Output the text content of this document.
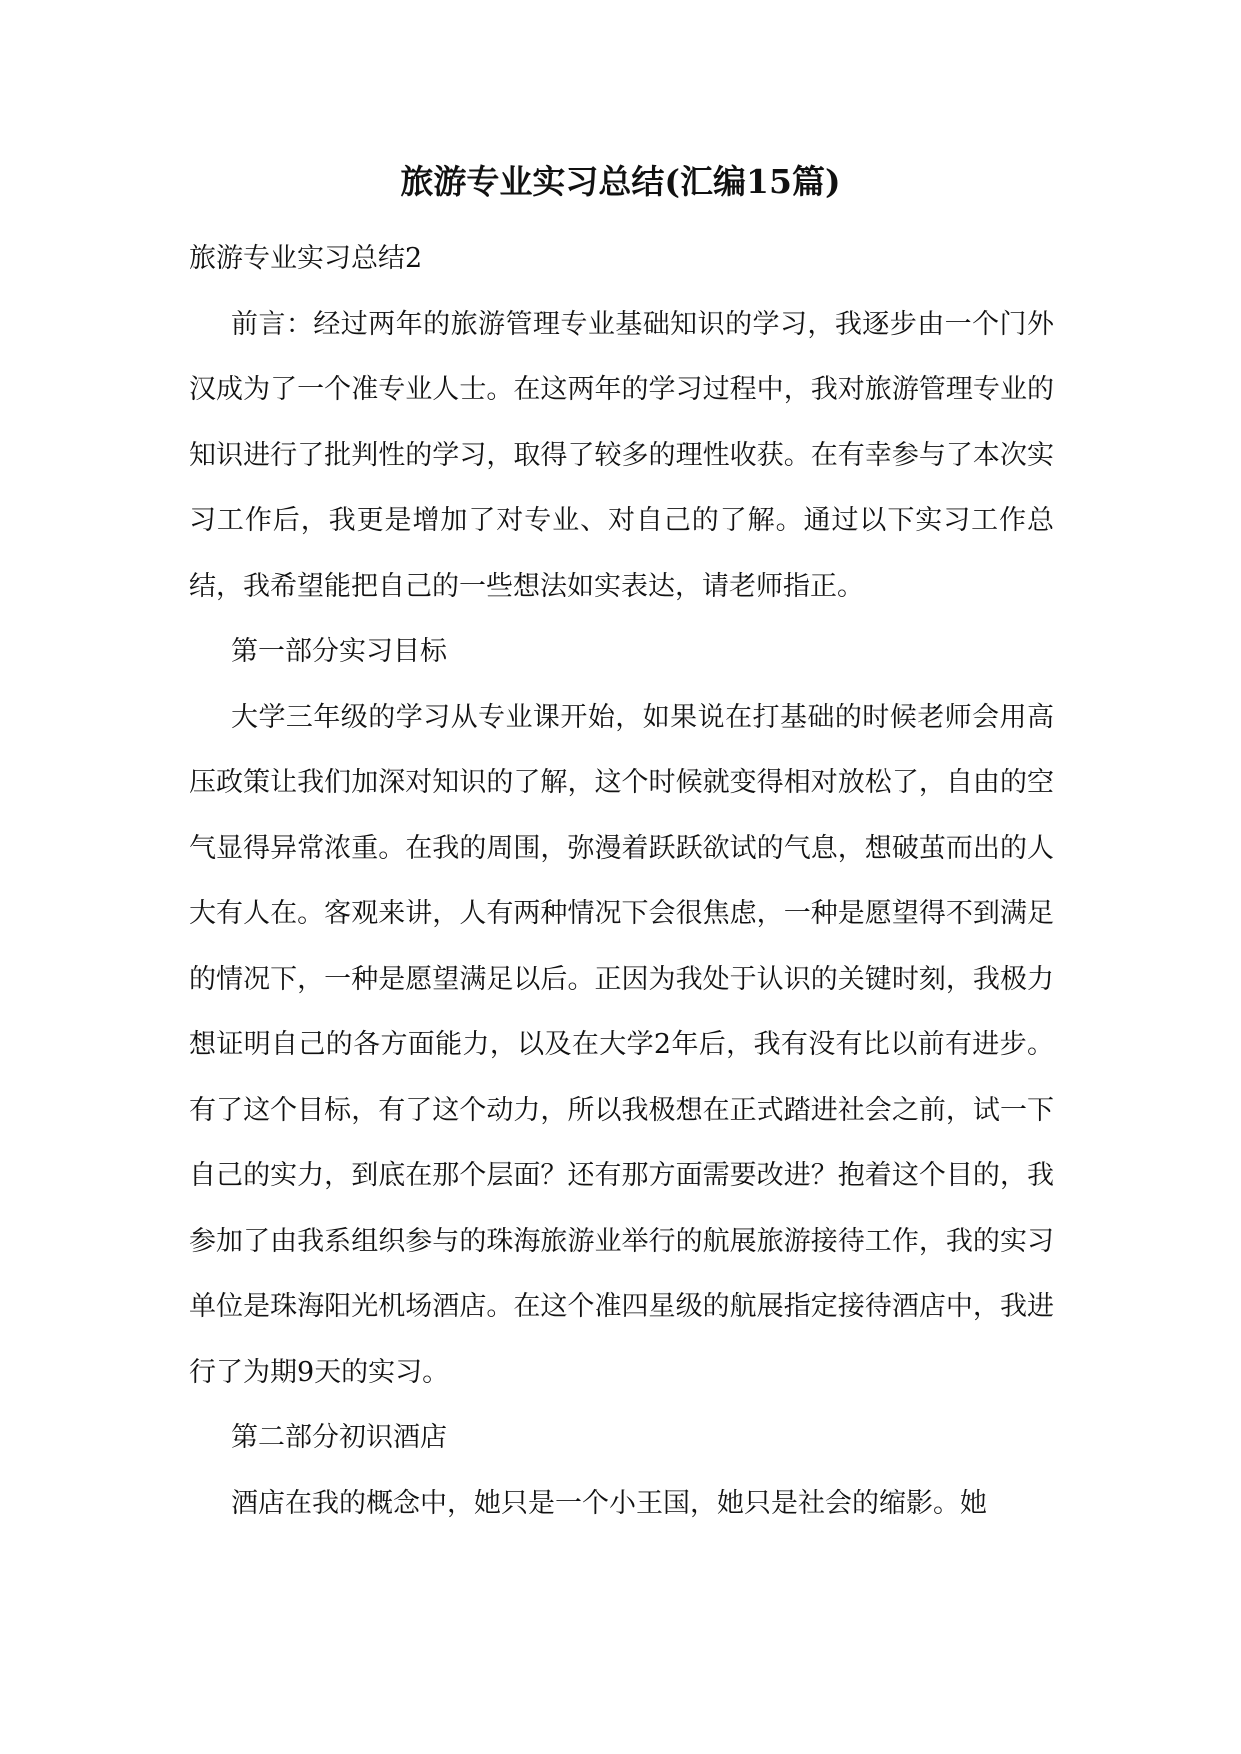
旅游专业实习总结(汇编15篇)

旅游专业实习总结2

前言：经过两年的旅游管理专业基础知识的学习，我逐步由一个门外汉成为了一个准专业人士。在这两年的学习过程中，我对旅游管理专业的知识进行了批判性的学习，取得了较多的理性收获。在有幸参与了本次实习工作后，我更是增加了对专业、对自己的了解。通过以下实习工作总结，我希望能把自己的一些想法如实表达，请老师指正。

第一部分实习目标

大学三年级的学习从专业课开始，如果说在打基础的时候老师会用高压政策让我们加深对知识的了解，这个时候就变得相对放松了，自由的空气显得异常浓重。在我的周围，弥漫着跃跃欲试的气息，想破茧而出的人大有人在。客观来讲，人有两种情况下会很焦虑，一种是愿望得不到满足的情况下，一种是愿望满足以后。正因为我处于认识的关键时刻，我极力想证明自己的各方面能力，以及在大学2年后，我有没有比以前有进步。有了这个目标，有了这个动力，所以我极想在正式踏进社会之前，试一下自己的实力，到底在那个层面？还有那方面需要改进？抱着这个目的，我参加了由我系组织参与的珠海旅游业举行的航展旅游接待工作，我的实习单位是珠海阳光机场酒店。在这个准四星级的航展指定接待酒店中，我进行了为期9天的实习。

第二部分初识酒店

酒店在我的概念中，她只是一个小王国，她只是社会的缩影。她
